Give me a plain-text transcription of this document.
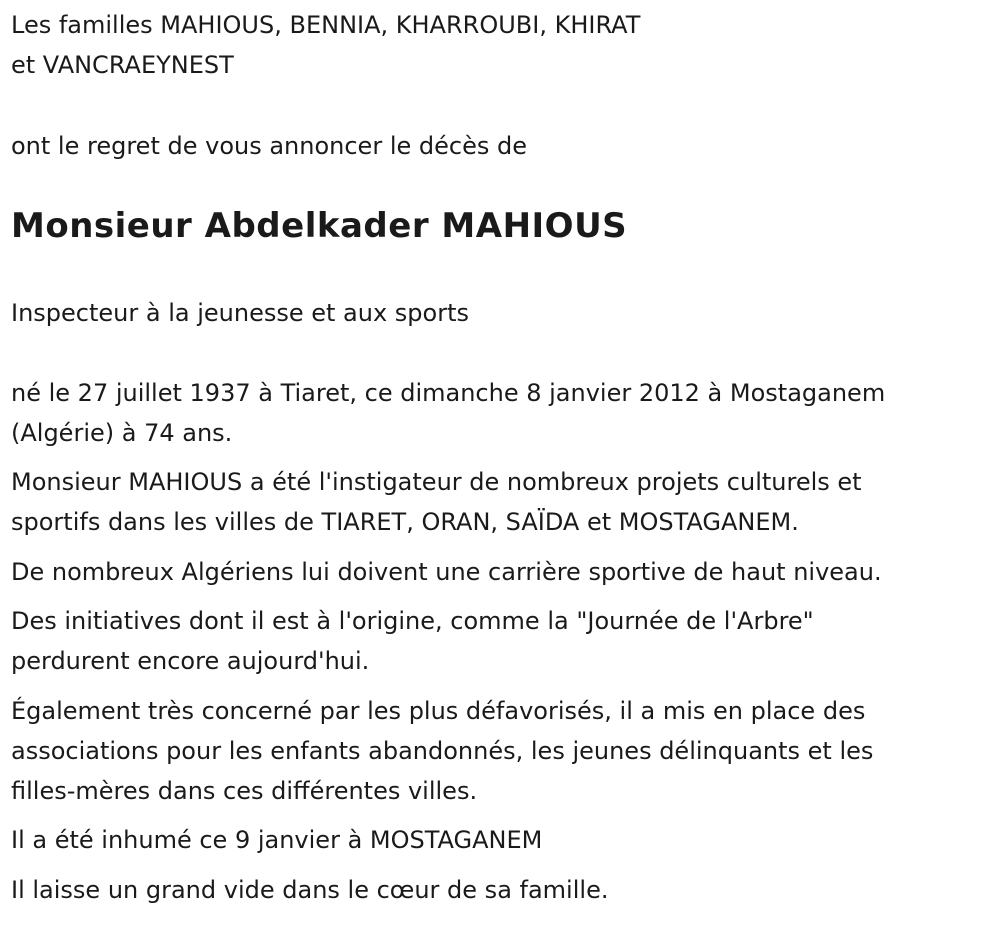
Les familles MAHIOUS, BENNIA, KHARROUBI, KHIRAT
et VANCRAEYNEST

ont le regret de vous annoncer le décès de

Monsieur Abdelkader MAHIOUS

Inspecteur à la jeunesse et aux sports

né le 27 juillet 1937 à Tiaret, ce dimanche 8 janvier 2012 à Mostaganem
(Algérie) à 74 ans.

Monsieur MAHIOUS a été l'instigateur de nombreux projets culturels et
sportifs dans les villes de TIARET, ORAN, SAÏDA et MOSTAGANEM.

De nombreux Algériens lui doivent une carrière sportive de haut niveau.

Des initiatives dont il est à l'origine, comme la "Journée de l'Arbre"
perdurent encore aujourd'hui.

Également très concerné par les plus défavorisés, il a mis en place des
associations pour les enfants abandonnés, les jeunes délinquants et les
filles-mères dans ces différentes villes.

Il a été inhumé ce 9 janvier à MOSTAGANEM

Il laisse un grand vide dans le cœur de sa famille.
